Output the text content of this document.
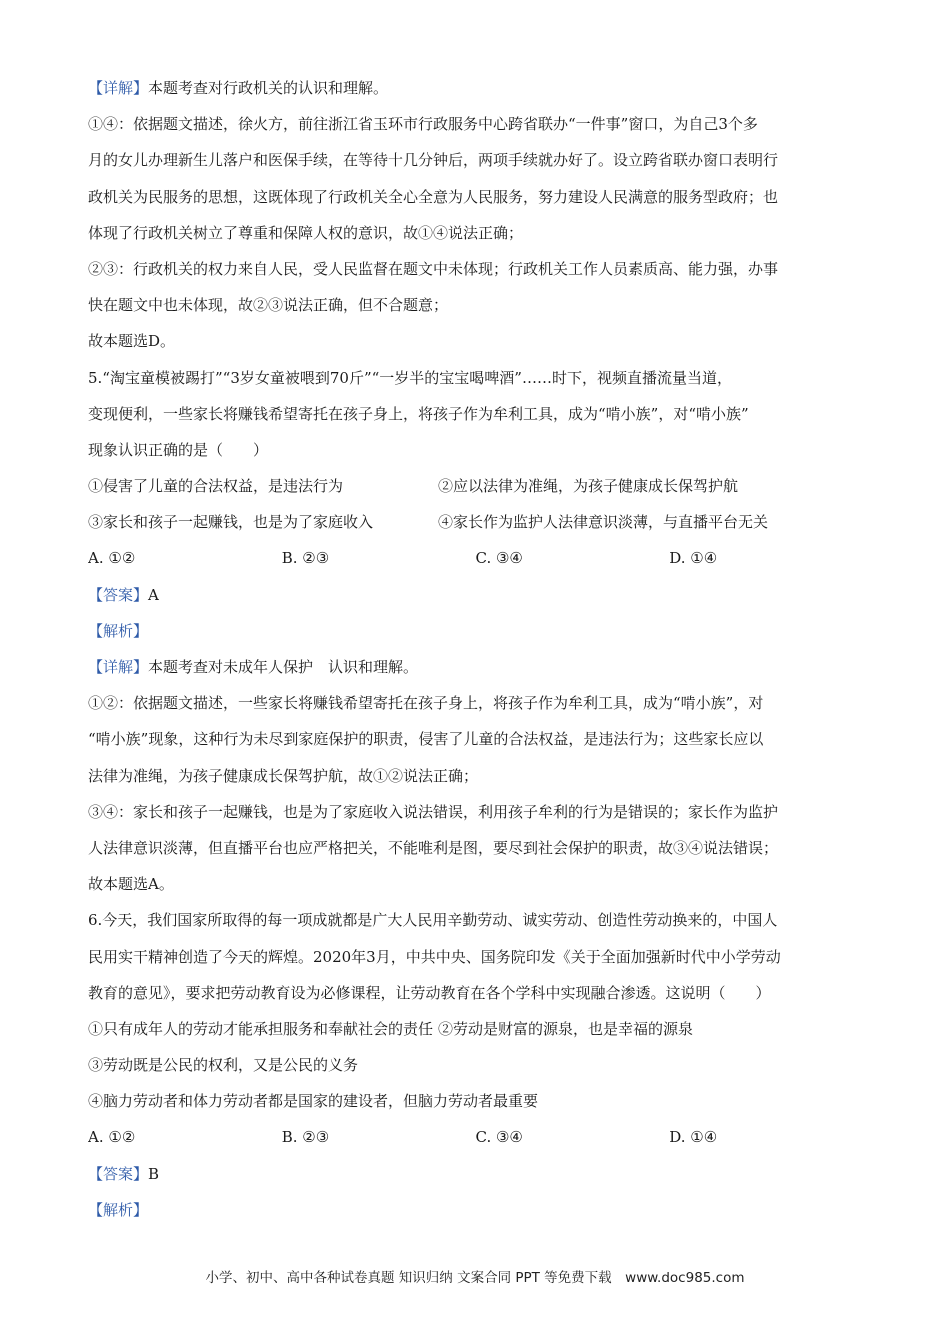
【详解】本题考查对行政机关的认识和理解。
①④：依据题文描述，徐火方，前往浙江省玉环市行政服务中心跨省联办“一件事”窗口，为自己3个多
月的女儿办理新生儿落户和医保手续，在等待十几分钟后，两项手续就办好了。设立跨省联办窗口表明行
政机关为民服务的思想，这既体现了行政机关全心全意为人民服务，努力建设人民满意的服务型政府；也
体现了行政机关树立了尊重和保障人权的意识，故①④说法正确；
②③：行政机关的权力来自人民，受人民监督在题文中未体现；行政机关工作人员素质高、能力强，办事
快在题文中也未体现，故②③说法正确，但不合题意；
故本题选D。
5.“淘宝童模被踢打”“3岁女童被喂到70斤”“一岁半的宝宝喝啤酒”……时下，视频直播流量当道，
变现便利，一些家长将赚钱希望寄托在孩子身上，将孩子作为牟利工具，成为“啃小族”，对“啃小族”
现象认识正确的是（　　）
①侵害了儿童的合法权益，是违法行为	②应以法律为准绳，为孩子健康成长保驾护航
③家长和孩子一起赚钱，也是为了家庭收入	④家长作为监护人法律意识淡薄，与直播平台无关
A. ①②	B. ②③	C. ③④	D. ①④
【答案】A
【解析】
【详解】本题考查对未成年人保护　认识和理解。
①②：依据题文描述，一些家长将赚钱希望寄托在孩子身上，将孩子作为牟利工具，成为“啃小族”，对
“啃小族”现象，这种行为未尽到家庭保护的职责，侵害了儿童的合法权益，是违法行为；这些家长应以
法律为准绳，为孩子健康成长保驾护航，故①②说法正确；
③④：家长和孩子一起赚钱，也是为了家庭收入说法错误，利用孩子牟利的行为是错误的；家长作为监护
人法律意识淡薄，但直播平台也应严格把关，不能唯利是图，要尽到社会保护的职责，故③④说法错误；
故本题选A。
6.今天，我们国家所取得的每一项成就都是广大人民用辛勤劳动、诚实劳动、创造性劳动换来的，中国人
民用实干精神创造了今天的辉煌。2020年3月，中共中央、国务院印发《关于全面加强新时代中小学劳动
教育的意见》，要求把劳动教育设为必修课程，让劳动教育在各个学科中实现融合渗透。这说明（　　）
①只有成年人的劳动才能承担服务和奉献社会的责任 ②劳动是财富的源泉，也是幸福的源泉
③劳动既是公民的权利，又是公民的义务
④脑力劳动者和体力劳动者都是国家的建设者，但脑力劳动者最重要
A. ①②	B. ②③	C. ③④	D. ①④
【答案】B
【解析】
小学、初中、高中各种试卷真题 知识归纳 文案合同 PPT 等免费下载　www.doc985.com
